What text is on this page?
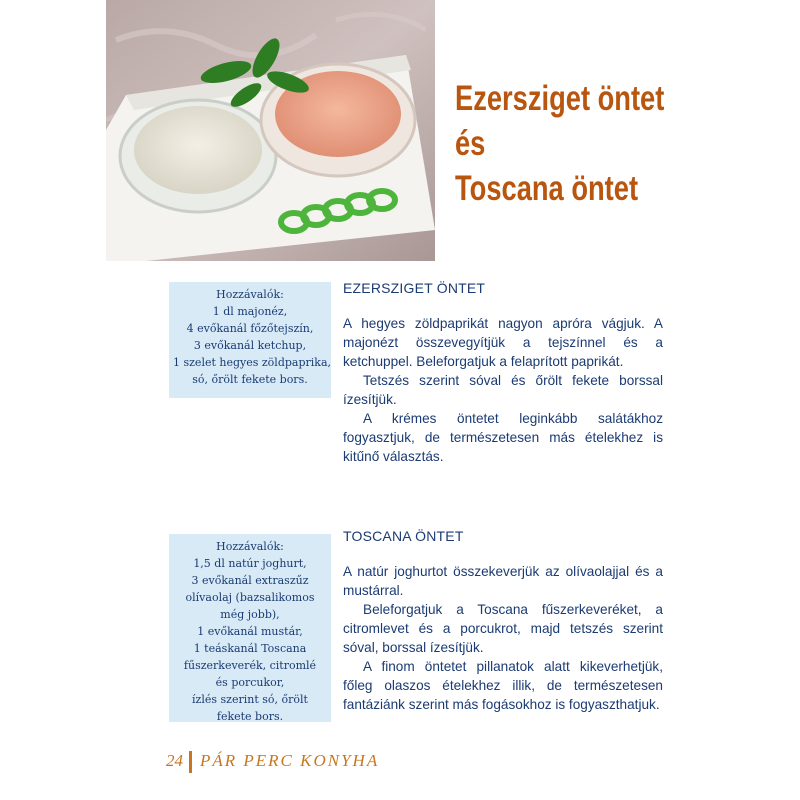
Ezersziget öntet
és
Toscana öntet
Hozzávalók:
1 dl majonéz,
4 evőkanál főzőtejszín,
3 evőkanál ketchup,
1 szelet hegyes zöldpaprika,
só, őrölt fekete bors.

EZERSZIGET ÖNTET

A hegyes zöldpaprikát nagyon apróra vágjuk. A majonézt összevegyítjük a tejszínnel és a ketchuppel. Beleforgatjuk a felaprított paprikát.

Tetszés szerint sóval és őrölt fekete borssal ízesítjük.

A krémes öntetet leginkább salátákhoz fogyasztjuk, de természetesen más ételekhez is kitűnő választás.

Hozzávalók:
1,5 dl natúr joghurt,
3 evőkanál extraszűz
olívaolaj (bazsalikomos
még jobb),
1 evőkanál mustár,
1 teáskanál Toscana
fűszerkeverék, citromlé
és porcukor,
ízlés szerint só, őrölt
fekete bors.

TOSCANA ÖNTET

A natúr joghurtot összekeverjük az olívaolajjal és a mustárral.

Beleforgatjuk a Toscana fűszerkeveréket, a citromlevet és a porcukrot, majd tetszés szerint sóval, borssal ízesítjük.

A finom öntetet pillanatok alatt kikeverhetjük, főleg olaszos ételekhez illik, de természetesen fantáziánk szerint más fogásokhoz is fogyaszthatjuk.

24 PÁR PERC KONYHA
